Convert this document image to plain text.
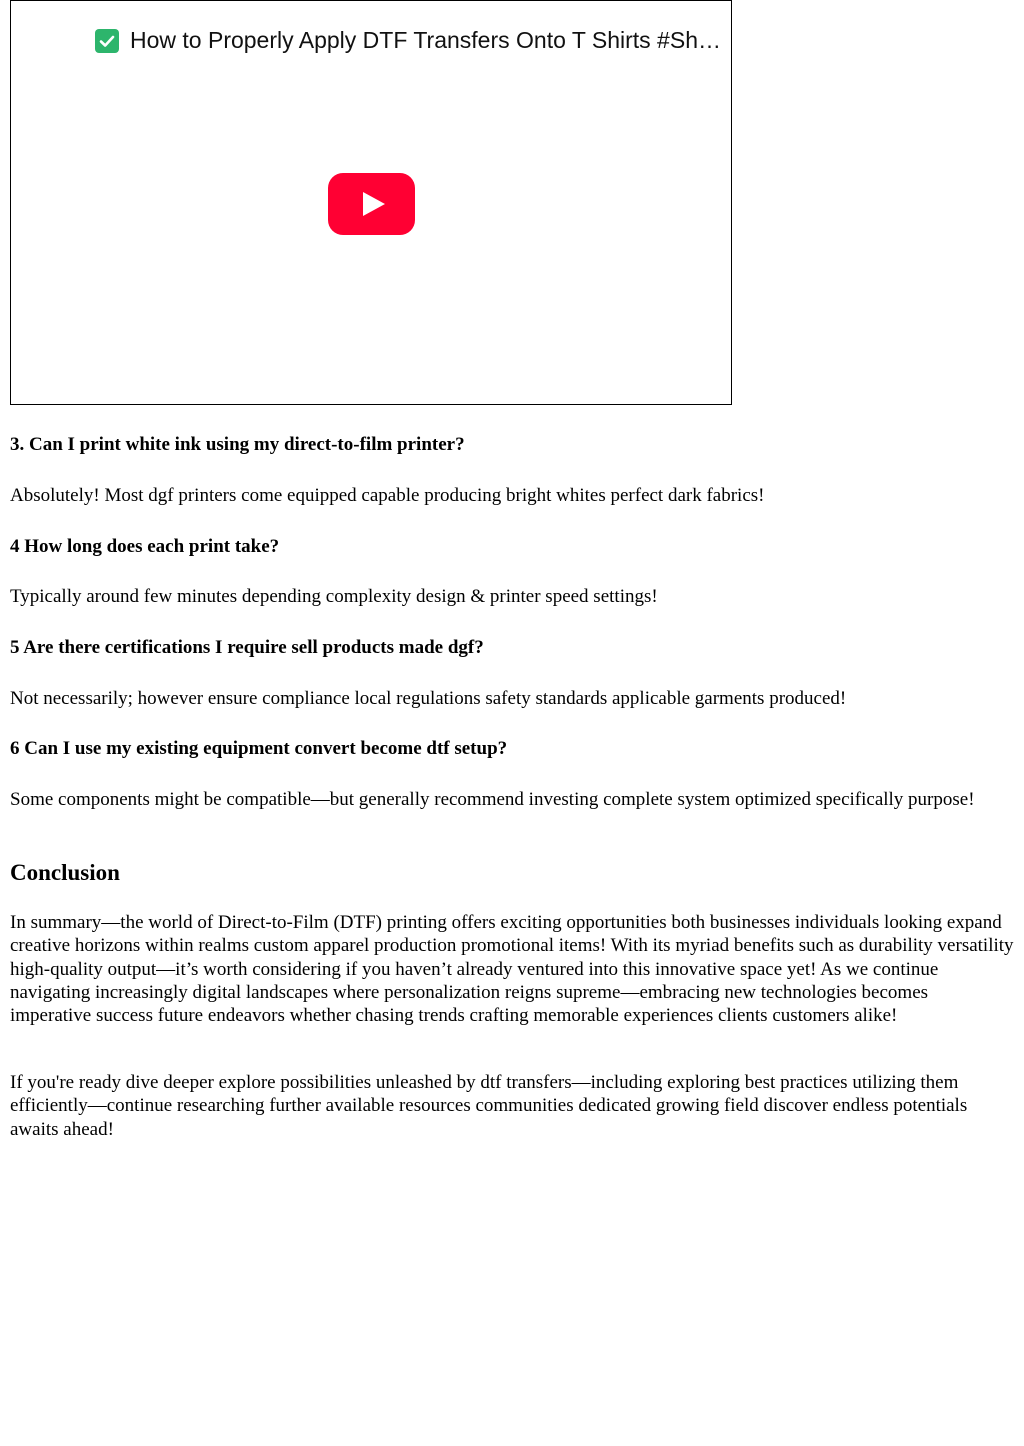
How to Properly Apply DTF Transfers Onto T Shirts #Sh…

3. Can I print white ink using my direct-to-film printer?

Absolutely! Most dgf printers come equipped capable producing bright whites perfect dark fabrics!

4 How long does each print take?

Typically around few minutes depending complexity design & printer speed settings!

5 Are there certifications I require sell products made dgf?

Not necessarily; however ensure compliance local regulations safety standards applicable garments produced!

6 Can I use my existing equipment convert become dtf setup?

Some components might be compatible—but generally recommend investing complete system optimized specifically purpose!

Conclusion

In summary—the world of Direct-to-Film (DTF) printing offers exciting opportunities both businesses individuals looking expand creative horizons within realms custom apparel production promotional items! With its myriad benefits such as durability versatility high-quality output—it’s worth considering if you haven’t already ventured into this innovative space yet! As we continue navigating increasingly digital landscapes where personalization reigns supreme—embracing new technologies becomes imperative success future endeavors whether chasing trends crafting memorable experiences clients customers alike!

If you're ready dive deeper explore possibilities unleashed by dtf transfers—including exploring best practices utilizing them efficiently—continue researching further available resources communities dedicated growing field discover endless potentials awaits ahead!
